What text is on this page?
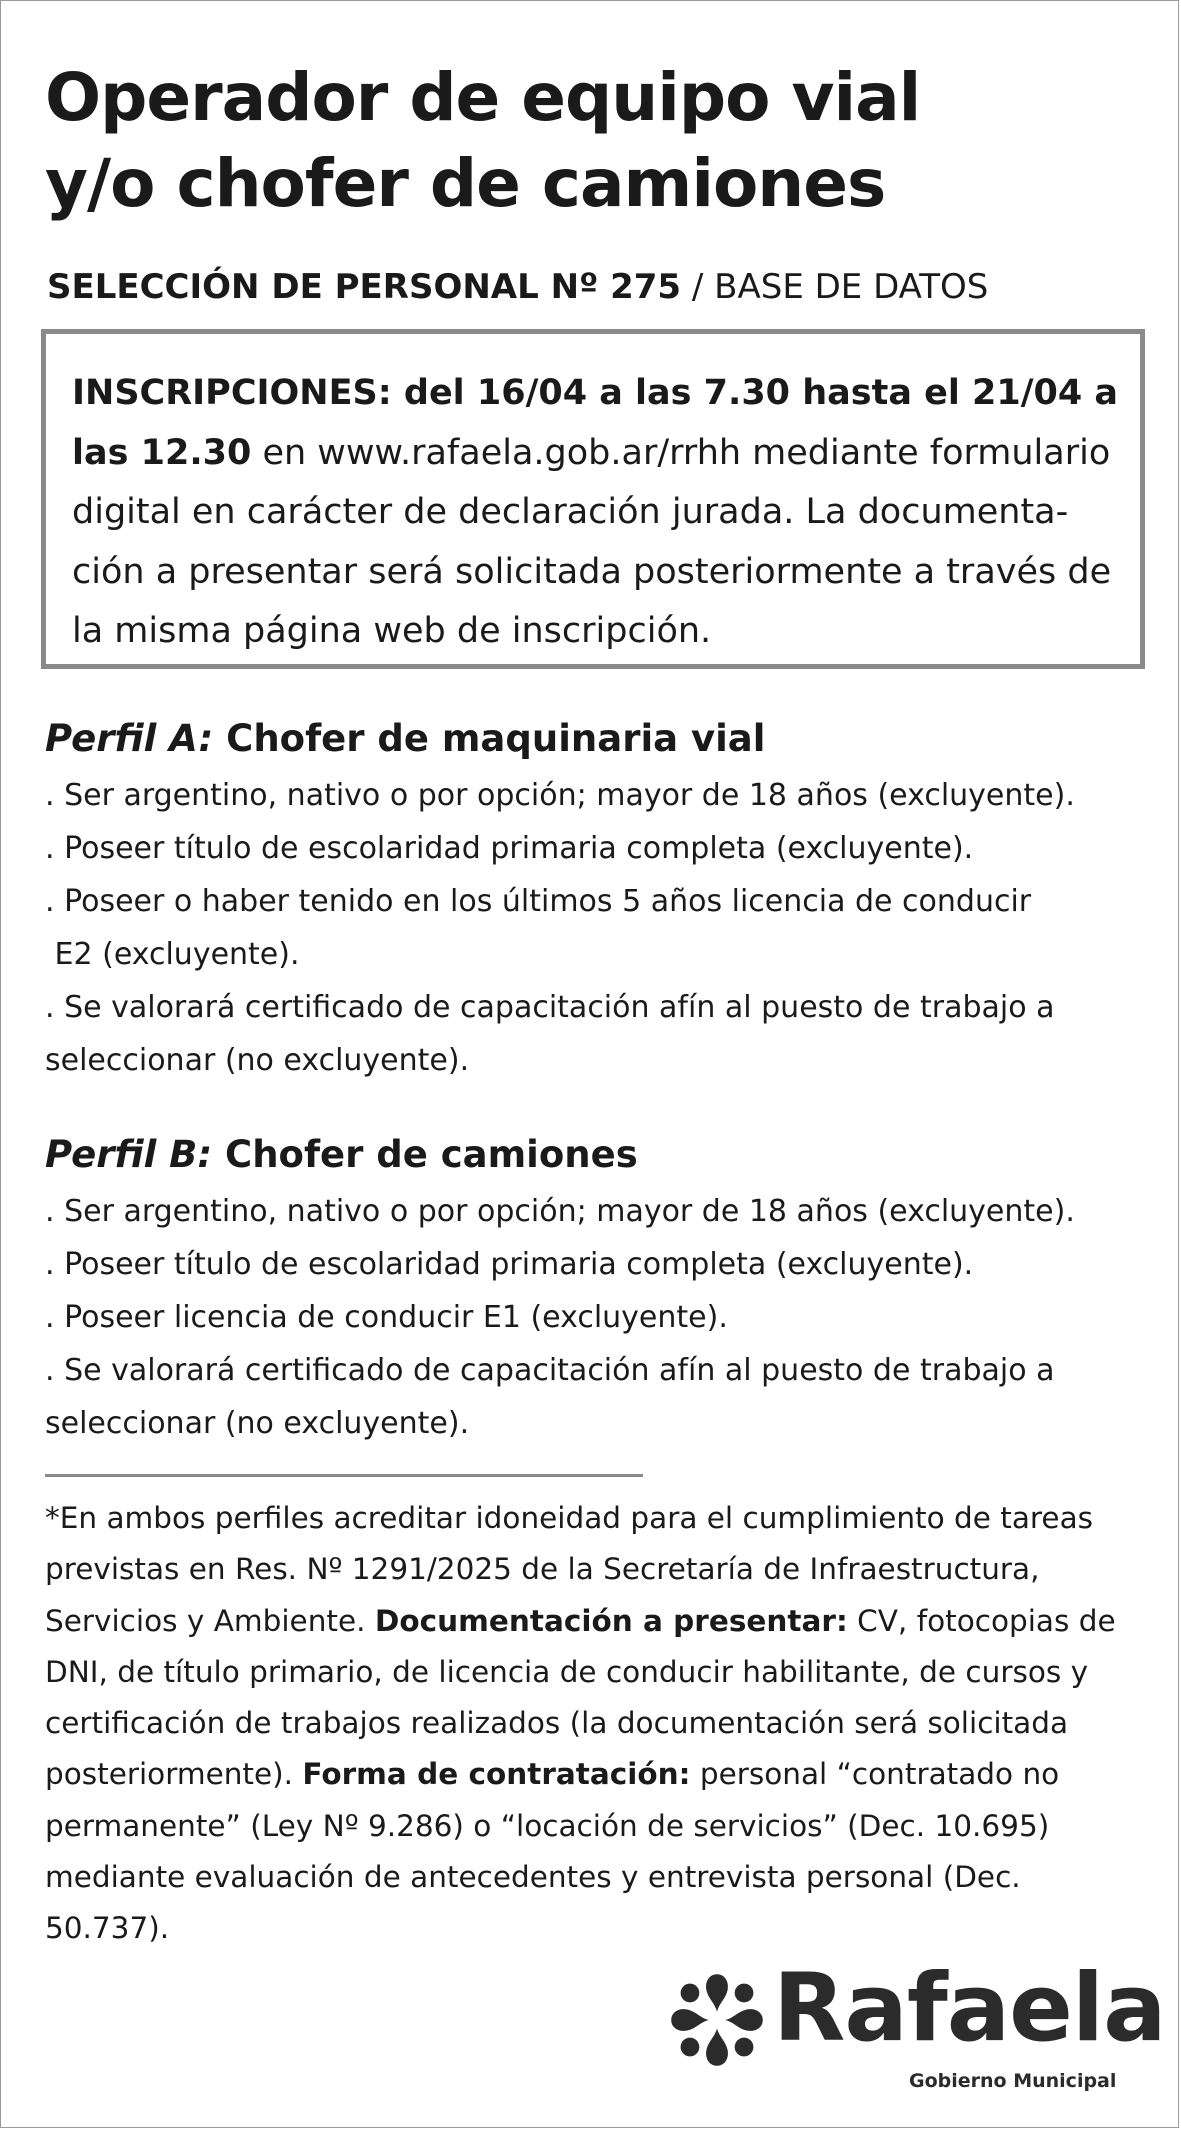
Operador de equipo vial
y/o chofer de camiones

SELECCIÓN DE PERSONAL Nº 275 / BASE DE DATOS

INSCRIPCIONES: del 16/04 a las 7.30 hasta el 21/04 a las 12.30 en www.rafaela.gob.ar/rrhh mediante formulario digital en carácter de declaración jurada. La documentación a presentar será solicitada posteriormente a través de la misma página web de inscripción.
Perfil A: Chofer de maquinaria vial
. Ser argentino, nativo o por opción; mayor de 18 años (excluyente).
. Poseer título de escolaridad primaria completa (excluyente).
. Poseer o haber tenido en los últimos 5 años licencia de conducir
E2 (excluyente).
. Se valorará certificado de capacitación afín al puesto de trabajo a
seleccionar (no excluyente).
Perfil B: Chofer de camiones
. Ser argentino, nativo o por opción; mayor de 18 años (excluyente).
. Poseer título de escolaridad primaria completa (excluyente).
. Poseer licencia de conducir E1 (excluyente).
. Se valorará certificado de capacitación afín al puesto de trabajo a
seleccionar (no excluyente).

*En ambos perfiles acreditar idoneidad para el cumplimiento de tareas previstas en Res. Nº 1291/2025 de la Secretaría de Infraestructura, Servicios y Ambiente. Documentación a presentar: CV, fotocopias de DNI, de título primario, de licencia de conducir habilitante, de cursos y certificación de trabajos realizados (la documentación será solicitada posteriormente). Forma de contratación: personal “contratado no permanente” (Ley Nº 9.286) o “locación de servicios” (Dec. 10.695) mediante evaluación de antecedentes y entrevista personal (Dec. 50.737).

Rafaela
Gobierno Municipal
